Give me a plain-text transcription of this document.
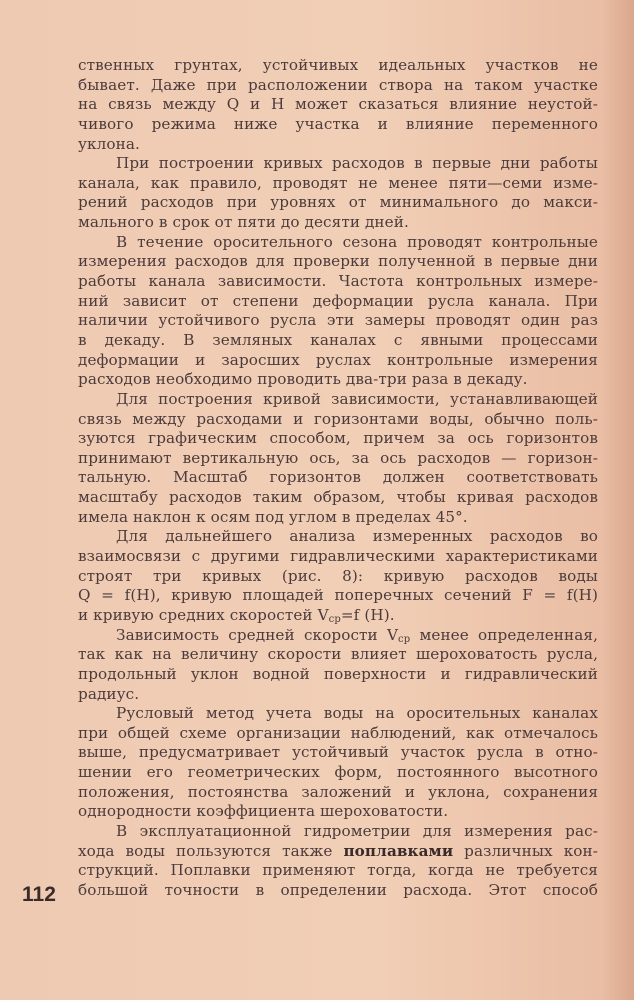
ственных грунтах, устойчивых идеальных участков не
бывает. Даже при расположении створа на таком участке
на связь между Q и H может сказаться влияние неустой-
чивого режима ниже участка и влияние переменного
уклона.
При построении кривых расходов в первые дни работы
канала, как правило, проводят не менее пяти—семи изме-
рений расходов при уровнях от минимального до макси-
мального в срок от пяти до десяти дней.
В течение оросительного сезона проводят контрольные
измерения расходов для проверки полученной в первые дни
работы канала зависимости. Частота контрольных измере-
ний зависит от степени деформации русла канала. При
наличии устойчивого русла эти замеры проводят один раз
в декаду. В земляных каналах с явными процессами
деформации и заросших руслах контрольные измерения
расходов необходимо проводить два-три раза в декаду.
Для построения кривой зависимости, устанавливающей
связь между расходами и горизонтами воды, обычно поль-
зуются графическим способом, причем за ось горизонтов
принимают вертикальную ось, за ось расходов — горизон-
тальную. Масштаб горизонтов должен соответствовать
масштабу расходов таким образом, чтобы кривая расходов
имела наклон к осям под углом в пределах 45°.
Для дальнейшего анализа измеренных расходов во
взаимосвязи с другими гидравлическими характеристиками
строят три кривых (рис. 8): кривую расходов воды
Q = f(H), кривую площадей поперечных сечений F = f(H)
и кривую средних скоростей $V_{ср}=f$ (H).
Зависимость средней скорости $V_{ср}$ менее определенная,
так как на величину скорости влияет шероховатость русла,
продольный уклон водной поверхности и гидравлический
радиус.
Русловый метод учета воды на оросительных каналах
при общей схеме организации наблюдений, как отмечалось
выше, предусматривает устойчивый участок русла в отно-
шении его геометрических форм, постоянного высотного
положения, постоянства заложений и уклона, сохранения
однородности коэффициента шероховатости.
В эксплуатационной гидрометрии для измерения рас-
хода воды пользуются также поплавками различных кон-
струкций. Поплавки применяют тогда, когда не требуется
большой точности в определении расхода. Этот способ
112
